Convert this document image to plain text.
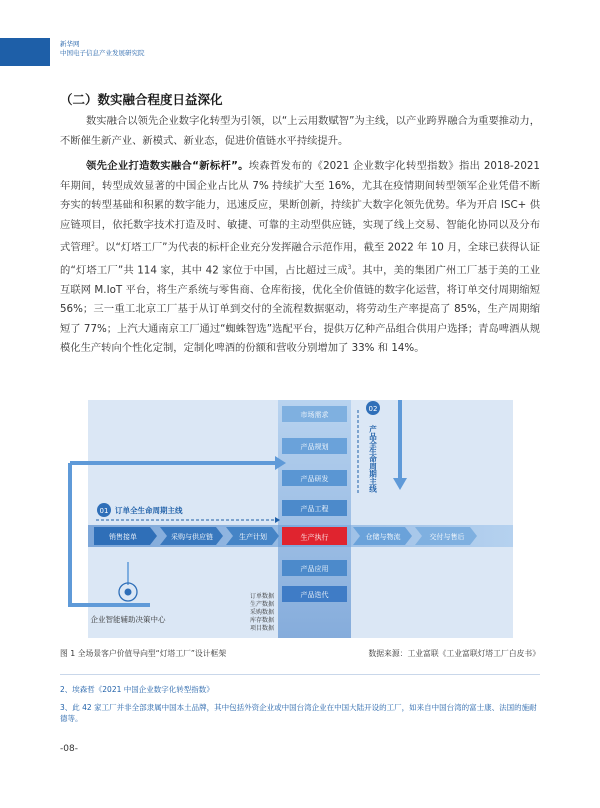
新华网
中国电子信息产业发展研究院
（二）数实融合程度日益深化
数实融合以领先企业数字化转型为引领，以“上云用数赋智”为主线，以产业跨界融合为重要推动力，不断催生新产业、新模式、新业态，促进价值链水平持续提升。
领先企业打造数实融合“新标杆”。埃森哲发布的《2021 企业数字化转型指数》指出 2018-2021 年期间，转型成效显著的中国企业占比从 7% 持续扩大至 16%，尤其在疫情期间转型领军企业凭借不断夯实的转型基础和积累的数字能力，迅速反应，果断创新，持续扩大数字化领先优势。华为开启 ISC+ 供应链项目，依托数字技术打造及时、敏捷、可靠的主动型供应链，实现了线上交易、智能化协同以及分布式管理$^2$。以“灯塔工厂”为代表的标杆企业充分发挥融合示范作用，截至 2022 年 10 月，全球已获得认证的“灯塔工厂”共 114 家，其中 42 家位于中国，占比超过三成$^3$。其中，美的集团广州工厂基于美的工业互联网 M.IoT 平台，将生产系统与零售商、仓库衔接，优化全价值链的数字化运营，将订单交付周期缩短 56%；三一重工北京工厂基于从订单到交付的全流程数据驱动，将劳动生产率提高了 85%，生产周期缩短了 77%；上汽大通南京工厂通过“蜘蛛智选”选配平台，提供万亿种产品组合供用户选择；青岛啤酒从规模化生产转向个性化定制，定制化啤酒的份额和营收分别增加了 33% 和 14%。
市场需求
产品规划
产品研发
产品工程
生产执行
产品应用
产品迭代
销售接单	采购与供应链	生产计划	仓储与物流	交付与售后
01 订单全生命周期主线
02
产品全生命周期主线
企业智能辅助决策中心
订单数据
生产数据
采购数据
库存数据
项目数据
图 1 全场景客户价值导向型“灯塔工厂”设计框架	数据来源：工业富联《工业富联灯塔工厂白皮书》
2、埃森哲《2021 中国企业数字化转型指数》
3、此 42 家工厂并非全部隶属中国本土品牌，其中包括外资企业或中国台湾企业在中国大陆开设的工厂，如来自中国台湾的富士康、法国的施耐德等。
-08-
